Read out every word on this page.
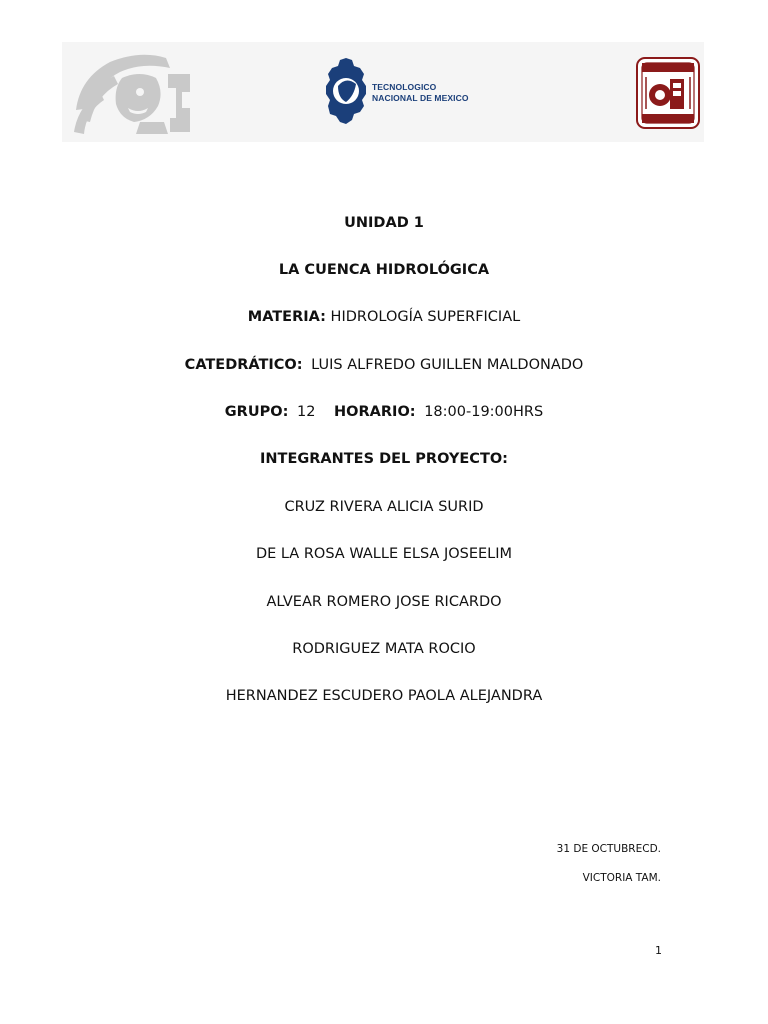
TECNOLOGICO
NACIONAL DE MEXICO
UNIDAD 1
LA CUENCA HIDROLÓGICA
MATERIA: HIDROLOGÍA SUPERFICIAL
CATEDRÁTICO: LUIS ALFREDO GUILLEN MALDONADO
GRUPO: 12 HORARIO: 18:00-19:00HRS
INTEGRANTES DEL PROYECTO:
CRUZ RIVERA ALICIA SURID
DE LA ROSA WALLE ELSA JOSEELIM
ALVEAR ROMERO JOSE RICARDO
RODRIGUEZ MATA ROCIO
HERNANDEZ ESCUDERO PAOLA ALEJANDRA
31 DE OCTUBRECD.
VICTORIA TAM.
1
